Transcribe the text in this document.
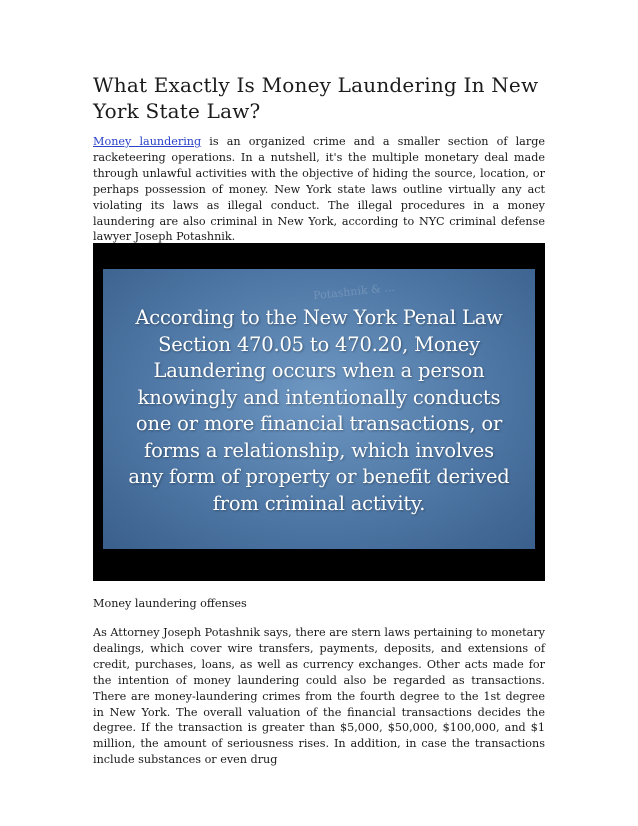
What Exactly Is Money Laundering In New York State Law?

Money laundering is an organized crime and a smaller section of large racketeering operations. In a nutshell, it's the multiple monetary deal made through unlawful activities with the objective of hiding the source, location, or perhaps possession of money. New York state laws outline virtually any act violating its laws as illegal conduct. The illegal procedures in a money laundering are also criminal in New York, according to NYC criminal defense lawyer Joseph Potashnik.

Potashnik & ...
According to the New York Penal Law
Section 470.05 to 470.20, Money
Laundering occurs when a person
knowingly and intentionally conducts
one or more financial transactions, or
forms a relationship, which involves
any form of property or benefit derived
from criminal activity.

Money laundering offenses

As Attorney Joseph Potashnik says, there are stern laws pertaining to monetary dealings, which cover wire transfers, payments, deposits, and extensions of credit, purchases, loans, as well as currency exchanges. Other acts made for the intention of money laundering could also be regarded as transactions. There are money-laundering crimes from the fourth degree to the 1st degree in New York. The overall valuation of the financial transactions decides the degree. If the transaction is greater than $5,000, $50,000, $100,000, and $1 million, the amount of seriousness rises. In addition, in case the transactions include substances or even drug
